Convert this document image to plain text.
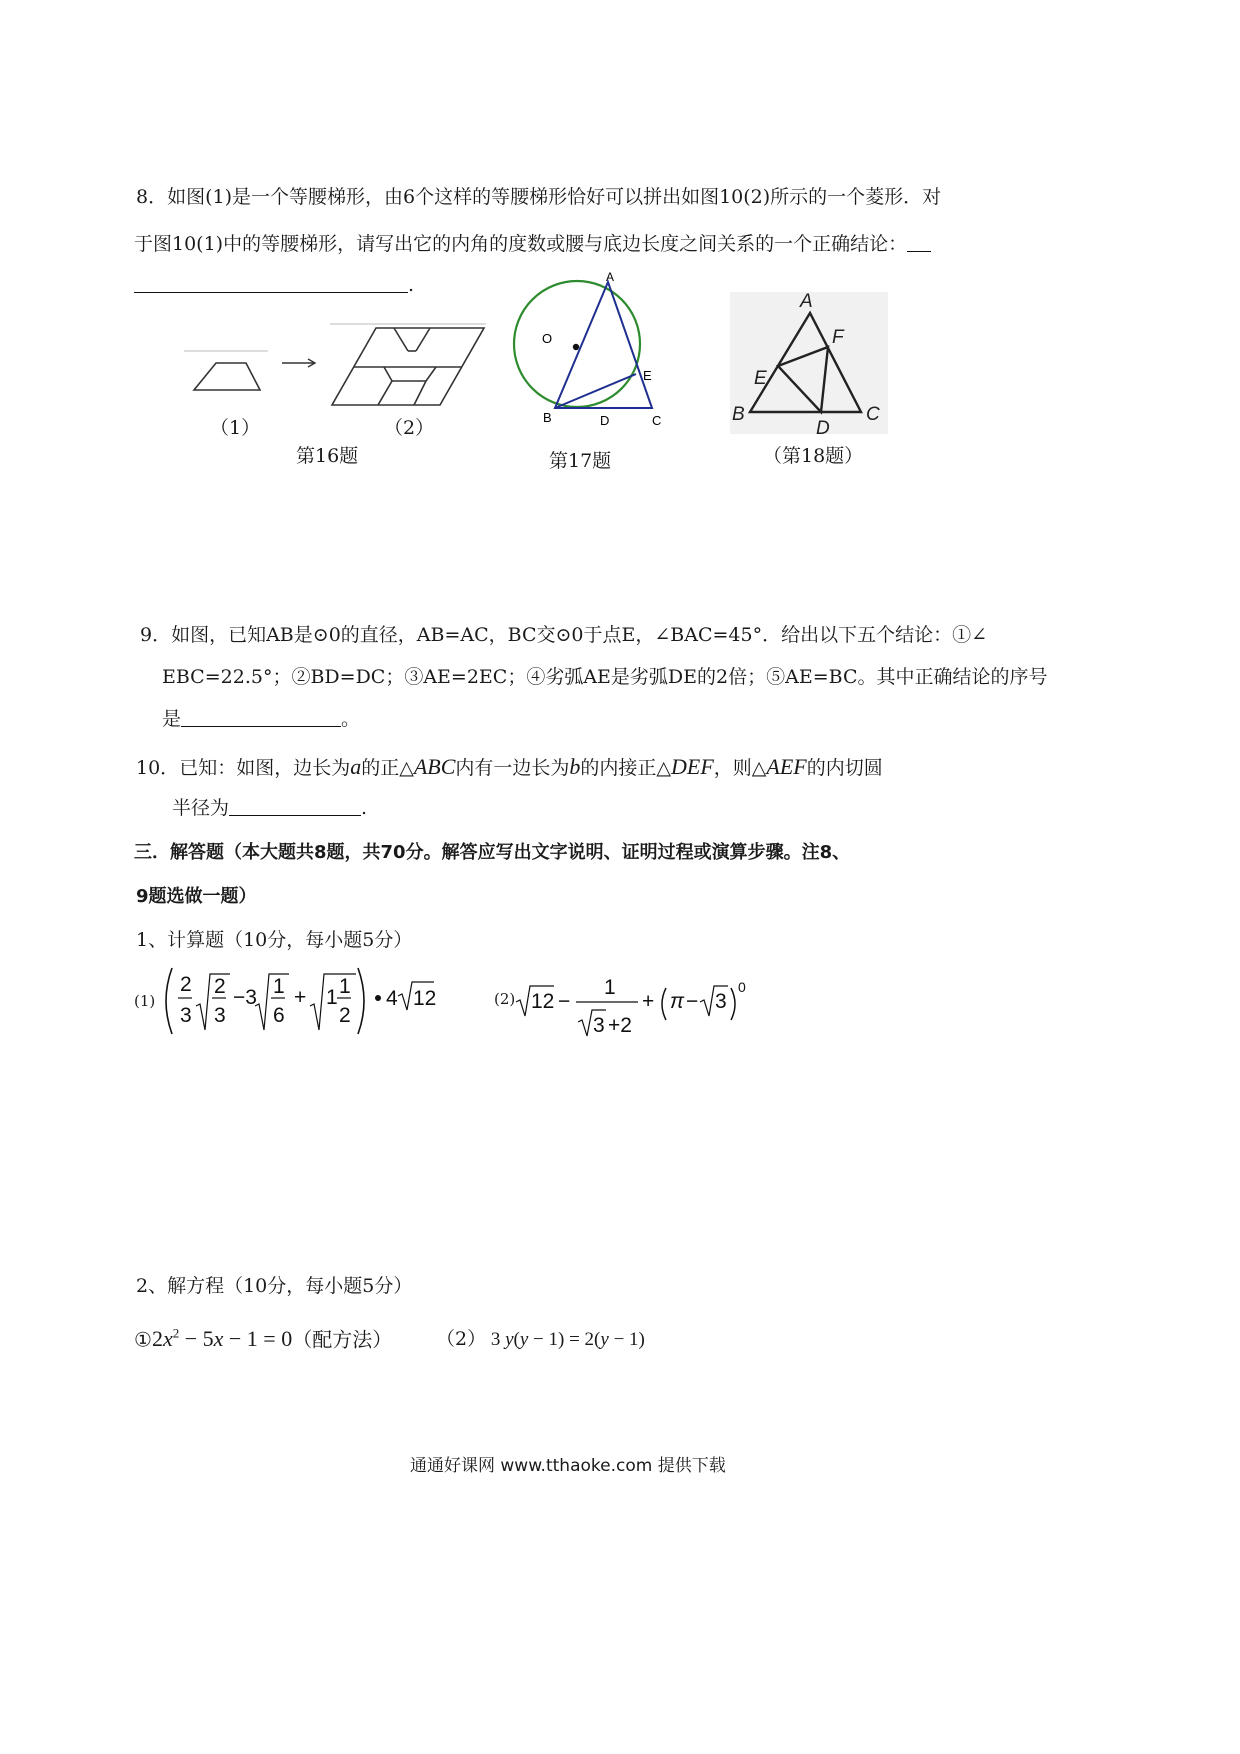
8．如图(1)是一个等腰梯形，由6个这样的等腰梯形恰好可以拼出如图10(2)所示的一个菱形．对
于图10(1)中的等腰梯形，请写出它的内角的度数或腰与底边长度之间关系的一个正确结论：
.
（1）	（2）
第16题
A
O
E
B	D	C
第17题
A
F
E
B
D
C
（第18题）
9．如图，已知AB是⊙0的直径，AB=AC，BC交⊙0于点E，∠BAC=45°．给出以下五个结论：①∠
EBC=22.5°；②BD=DC；③AE=2EC；④劣弧AE是劣弧DE的2倍；⑤AE=BC。其中正确结论的序号
是	。
10．已知：如图，边长为a的正△ABC内有一边长为b的内接正△DEF，则△AEF的内切圆
半径为	.
三．解答题（本大题共8题，共70分。解答应写出文字说明、证明过程或演算步骤。注8、
9题选做一题）
1、计算题（10分，每小题5分）
(1)
2
3
2
3
−3 1
6
+ 1 1
2
4 12	(2) 12 −
1
3 +2
+ π − 3
0
2、解方程（10分，每小题5分）
$①2x^2 - 5x - 1 = 0$（配方法） （2） 3 y(y − 1) = 2(y − 1)
通通好课网 www.tthaoke.com 提供下载
